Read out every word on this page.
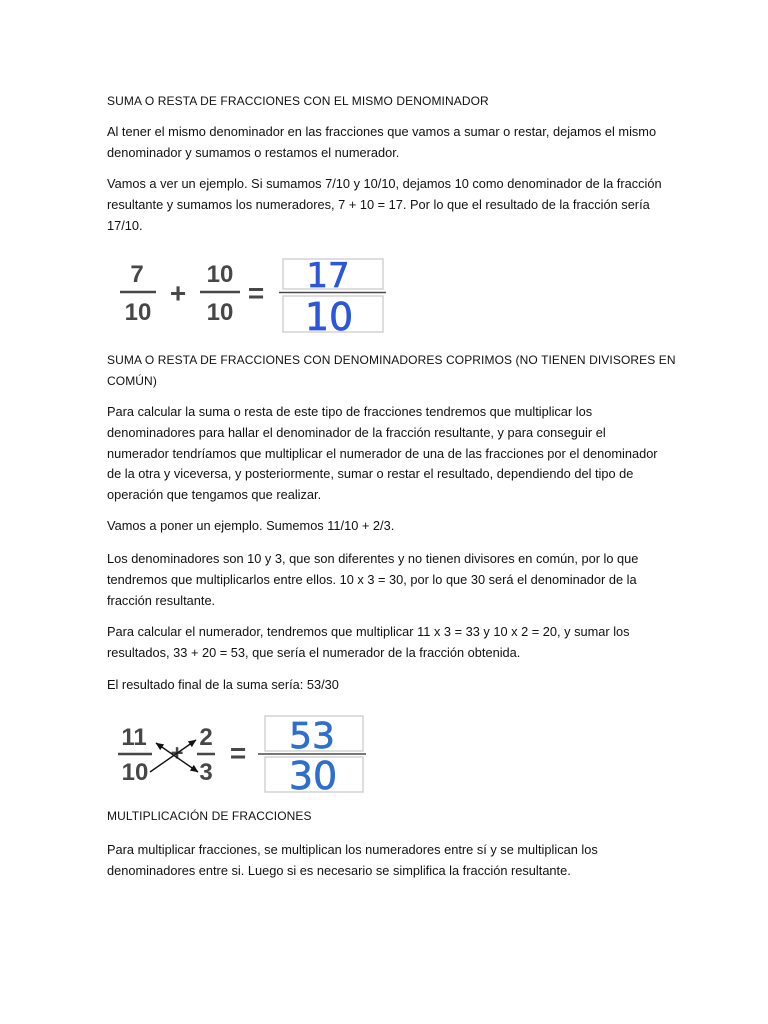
SUMA O RESTA DE FRACCIONES CON EL MISMO DENOMINADOR
Al tener el mismo denominador en las fracciones que vamos a sumar o restar, dejamos el mismo
denominador y sumamos o restamos el numerador.
Vamos a ver un ejemplo. Si sumamos 7/10 y 10/10, dejamos 10 como denominador de la fracción
resultante y sumamos los numeradores, 7 + 10 = 17. Por lo que el resultado de la fracción sería
17/10.
7
10
+
10
10
= 17
10
SUMA O RESTA DE FRACCIONES CON DENOMINADORES COPRIMOS (NO TIENEN DIVISORES EN
COMÚN)
Para calcular la suma o resta de este tipo de fracciones tendremos que multiplicar los
denominadores para hallar el denominador de la fracción resultante, y para conseguir el
numerador tendríamos que multiplicar el numerador de una de las fracciones por el denominador
de la otra y viceversa, y posteriormente, sumar o restar el resultado, dependiendo del tipo de
operación que tengamos que realizar.
Vamos a poner un ejemplo. Sumemos 11/10 + 2/3.
Los denominadores son 10 y 3, que son diferentes y no tienen divisores en común, por lo que
tendremos que multiplicarlos entre ellos. 10 x 3 = 30, por lo que 30 será el denominador de la
fracción resultante.
Para calcular el numerador, tendremos que multiplicar 11 x 3 = 33 y 10 x 2 = 20, y sumar los
resultados, 33 + 20 = 53, que sería el numerador de la fracción obtenida.
El resultado final de la suma sería: 53/30
11
10
+
2
3
= 53
30
MULTIPLICACIÓN DE FRACCIONES
Para multiplicar fracciones, se multiplican los numeradores entre sí y se multiplican los
denominadores entre si. Luego si es necesario se simplifica la fracción resultante.
